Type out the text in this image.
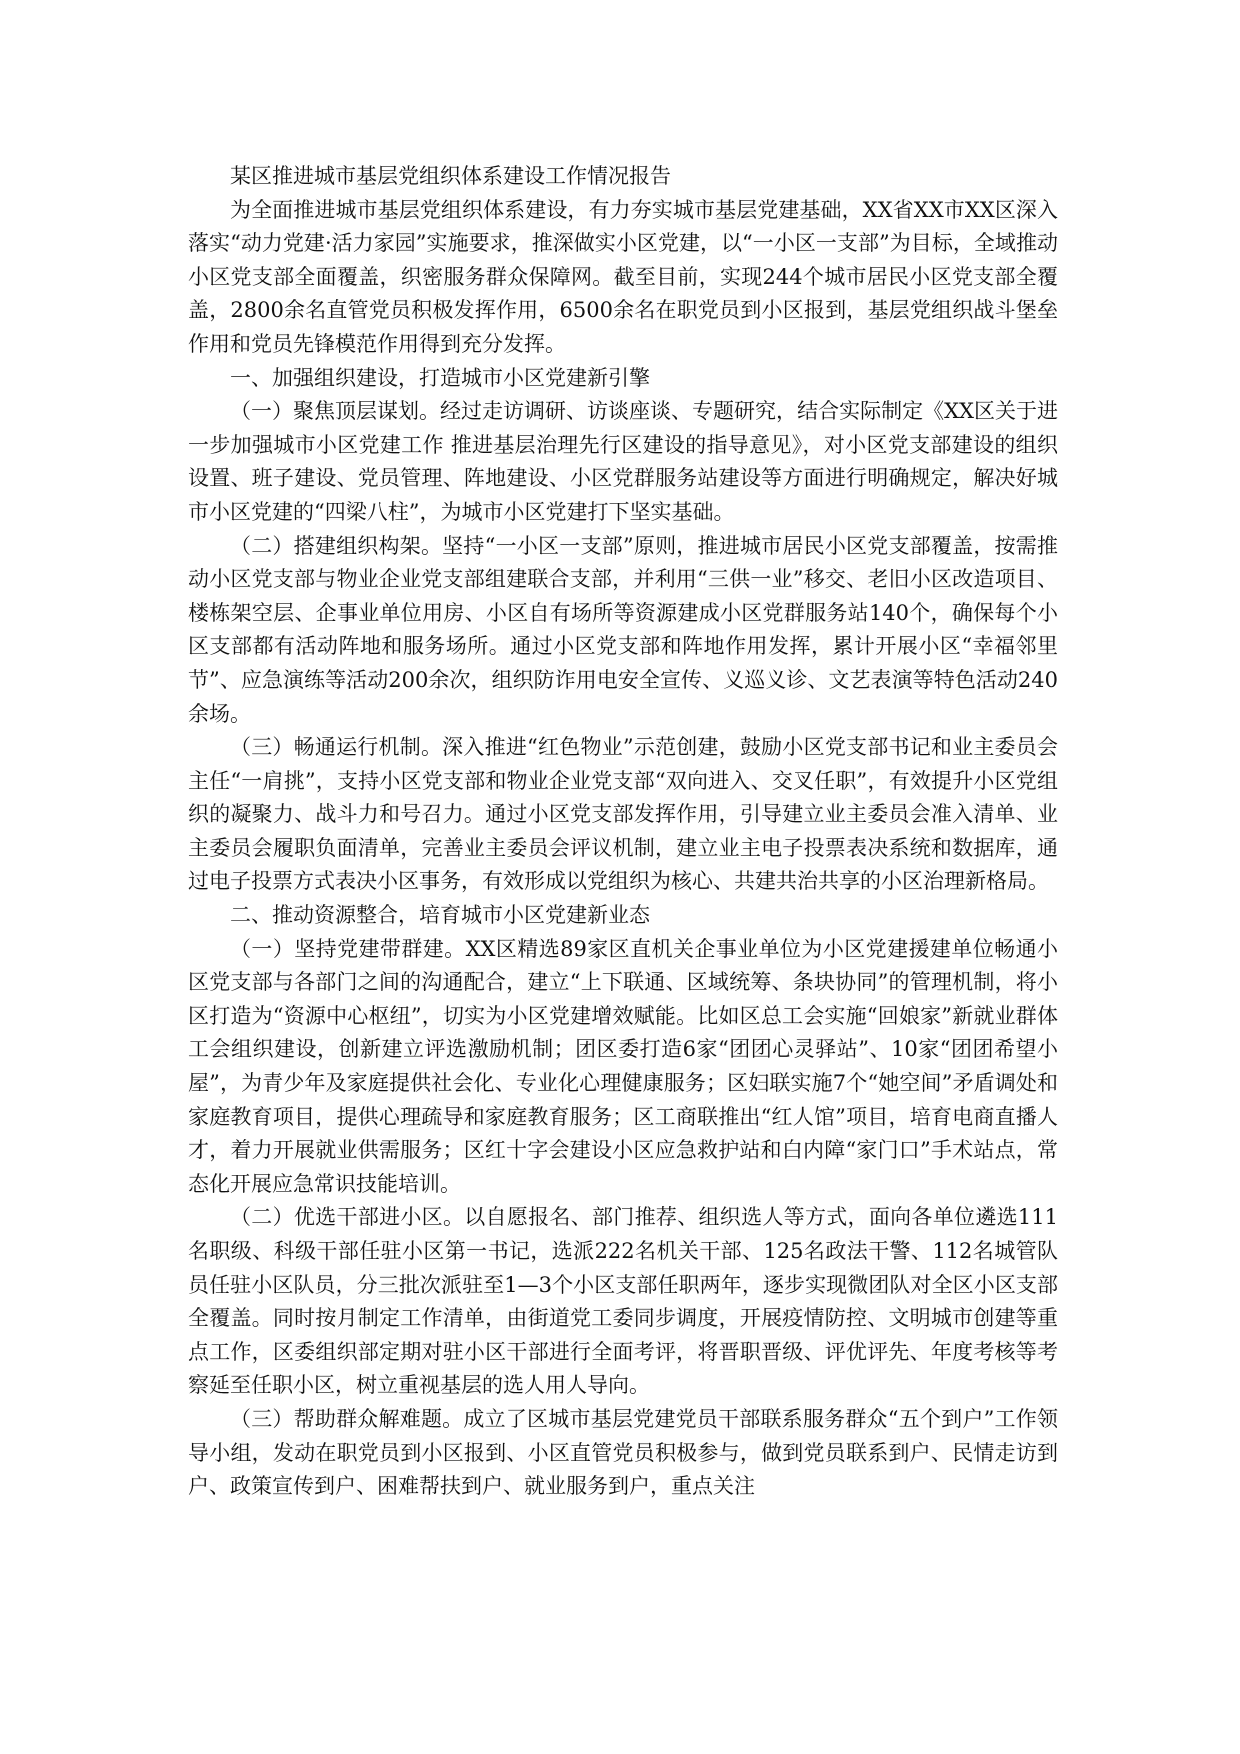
某区推进城市基层党组织体系建设工作情况报告

为全面推进城市基层党组织体系建设，有力夯实城市基层党建基础，XX省XX市XX区深入落实“动力党建·活力家园”实施要求，推深做实小区党建，以“一小区一支部”为目标，全域推动小区党支部全面覆盖，织密服务群众保障网。截至目前，实现244个城市居民小区党支部全覆盖，2800余名直管党员积极发挥作用，6500余名在职党员到小区报到，基层党组织战斗堡垒作用和党员先锋模范作用得到充分发挥。

一、加强组织建设，打造城市小区党建新引擎

（一）聚焦顶层谋划。经过走访调研、访谈座谈、专题研究，结合实际制定《XX区关于进一步加强城市小区党建工作 推进基层治理先行区建设的指导意见》，对小区党支部建设的组织设置、班子建设、党员管理、阵地建设、小区党群服务站建设等方面进行明确规定，解决好城市小区党建的“四梁八柱”，为城市小区党建打下坚实基础。

（二）搭建组织构架。坚持“一小区一支部”原则，推进城市居民小区党支部覆盖，按需推动小区党支部与物业企业党支部组建联合支部，并利用“三供一业”移交、老旧小区改造项目、楼栋架空层、企事业单位用房、小区自有场所等资源建成小区党群服务站140个，确保每个小区支部都有活动阵地和服务场所。通过小区党支部和阵地作用发挥，累计开展小区“幸福邻里节”、应急演练等活动200余次，组织防诈用电安全宣传、义巡义诊、文艺表演等特色活动240余场。

（三）畅通运行机制。深入推进“红色物业”示范创建，鼓励小区党支部书记和业主委员会主任“一肩挑”，支持小区党支部和物业企业党支部“双向进入、交叉任职”，有效提升小区党组织的凝聚力、战斗力和号召力。通过小区党支部发挥作用，引导建立业主委员会准入清单、业主委员会履职负面清单，完善业主委员会评议机制，建立业主电子投票表决系统和数据库，通过电子投票方式表决小区事务，有效形成以党组织为核心、共建共治共享的小区治理新格局。

二、推动资源整合，培育城市小区党建新业态

（一）坚持党建带群建。XX区精选89家区直机关企事业单位为小区党建援建单位畅通小区党支部与各部门之间的沟通配合，建立“上下联通、区域统筹、条块协同”的管理机制，将小区打造为“资源中心枢纽”，切实为小区党建增效赋能。比如区总工会实施“回娘家”新就业群体工会组织建设，创新建立评选激励机制；团区委打造6家“团团心灵驿站”、10家“团团希望小屋”，为青少年及家庭提供社会化、专业化心理健康服务；区妇联实施7个“她空间”矛盾调处和家庭教育项目，提供心理疏导和家庭教育服务；区工商联推出“红人馆”项目，培育电商直播人才，着力开展就业供需服务；区红十字会建设小区应急救护站和白内障“家门口”手术站点，常态化开展应急常识技能培训。

（二）优选干部进小区。以自愿报名、部门推荐、组织选人等方式，面向各单位遴选111名职级、科级干部任驻小区第一书记，选派222名机关干部、125名政法干警、112名城管队员任驻小区队员，分三批次派驻至1—3个小区支部任职两年，逐步实现微团队对全区小区支部全覆盖。同时按月制定工作清单，由街道党工委同步调度，开展疫情防控、文明城市创建等重点工作，区委组织部定期对驻小区干部进行全面考评，将晋职晋级、评优评先、年度考核等考察延至任职小区，树立重视基层的选人用人导向。

（三）帮助群众解难题。成立了区城市基层党建党员干部联系服务群众“五个到户”工作领导小组，发动在职党员到小区报到、小区直管党员积极参与，做到党员联系到户、民情走访到户、政策宣传到户、困难帮扶到户、就业服务到户，重点关注
